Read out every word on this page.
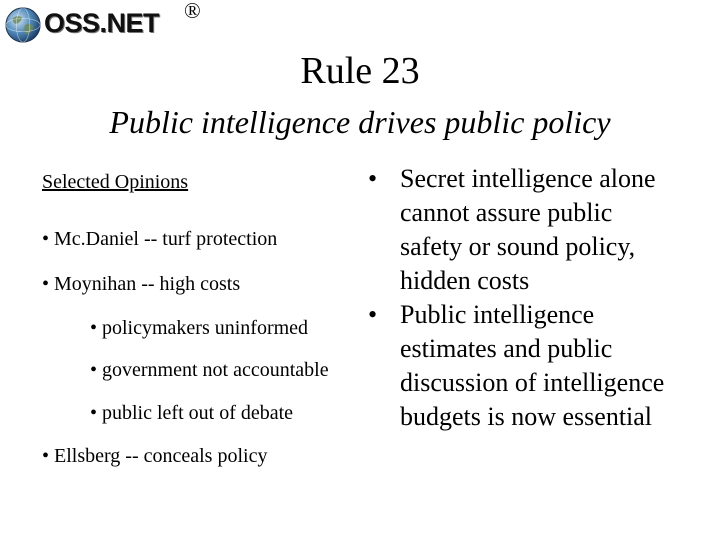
OSS.NET ®
Rule 23
Public intelligence drives public policy
Selected Opinions
• Mc.Daniel -- turf protection
• Moynihan -- high costs
• policymakers uninformed
• government not accountable
• public left out of debate
• Ellsberg -- conceals policy
• Secret intelligence alone cannot assure public safety or sound policy, hidden costs
• Public intelligence estimates and public discussion of intelligence budgets is now essential
